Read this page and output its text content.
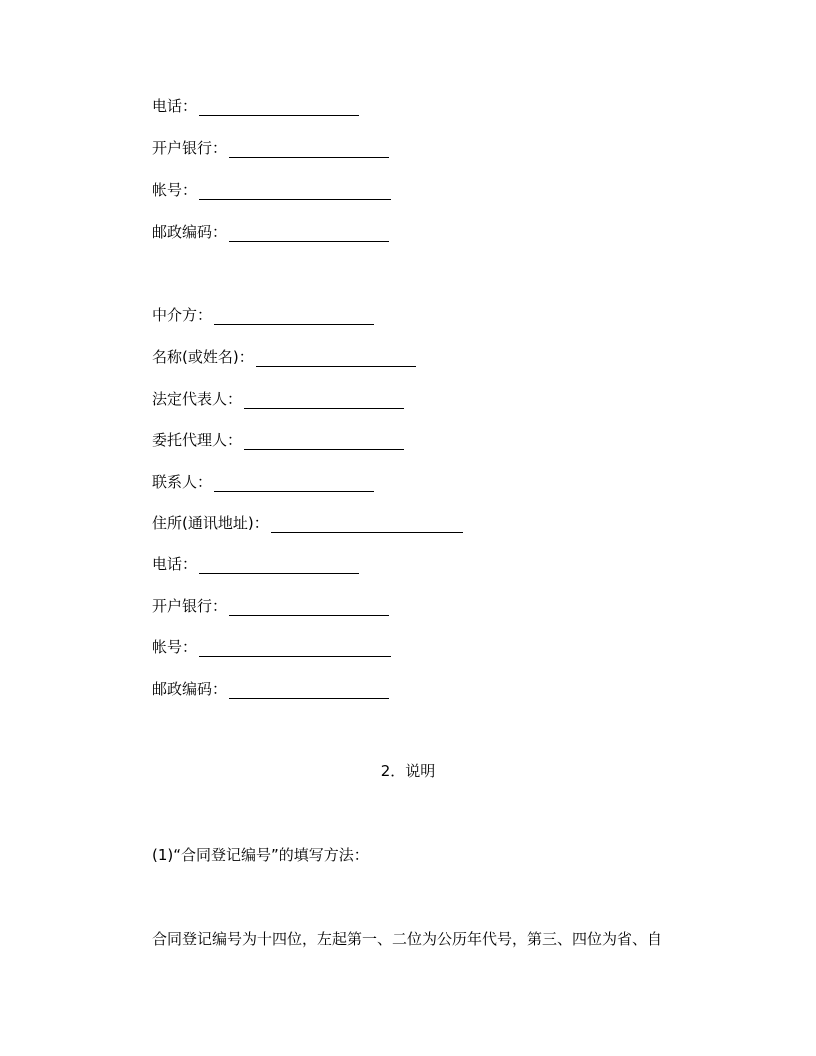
电话：
开户银行：
帐号：
邮政编码：
中介方：
名称(或姓名)：
法定代表人：
委托代理人：
联系人：
住所(通讯地址)：
电话：
开户银行：
帐号：
邮政编码：
2．说明
(1)“合同登记编号”的填写方法：
合同登记编号为十四位，左起第一、二位为公历年代号，第三、四位为省、自
